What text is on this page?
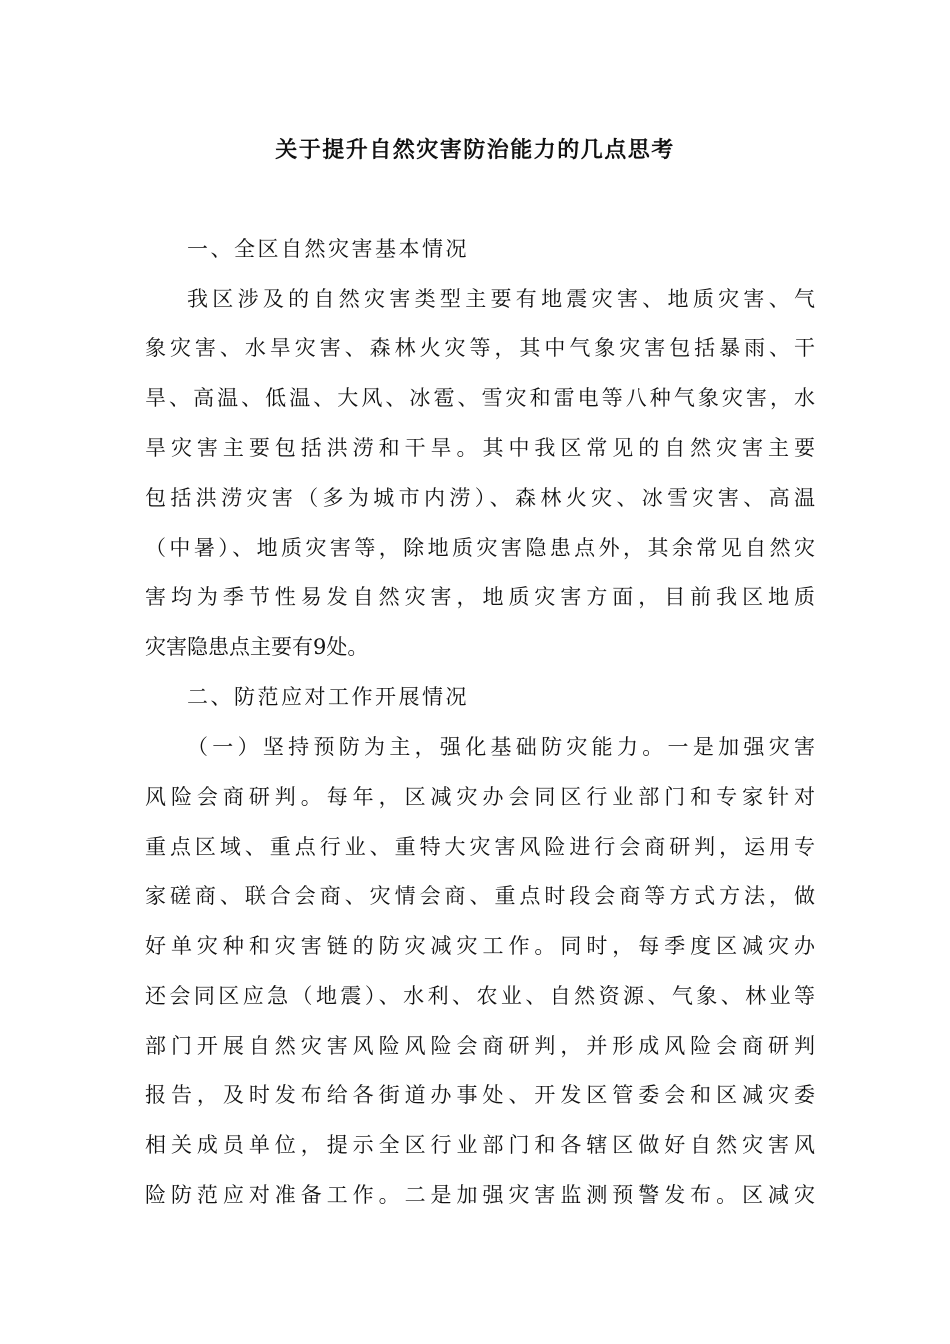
关于提升自然灾害防治能力的几点思考

一、全区自然灾害基本情况

我区涉及的自然灾害类型主要有地震灾害、地质灾害、气

象灾害、水旱灾害、森林火灾等，其中气象灾害包括暴雨、干

旱、高温、低温、大风、冰雹、雪灾和雷电等八种气象灾害，水

旱灾害主要包括洪涝和干旱。其中我区常见的自然灾害主要

包括洪涝灾害（多为城市内涝）、森林火灾、冰雪灾害、高温

（中暑）、地质灾害等，除地质灾害隐患点外，其余常见自然灾

害均为季节性易发自然灾害，地质灾害方面，目前我区地质

灾害隐患点主要有9处。

二、防范应对工作开展情况

（一）坚持预防为主，强化基础防灾能力。一是加强灾害

风险会商研判。每年，区减灾办会同区行业部门和专家针对

重点区域、重点行业、重特大灾害风险进行会商研判，运用专

家磋商、联合会商、灾情会商、重点时段会商等方式方法，做

好单灾种和灾害链的防灾减灾工作。同时，每季度区减灾办

还会同区应急（地震）、水利、农业、自然资源、气象、林业等

部门开展自然灾害风险风险会商研判，并形成风险会商研判

报告，及时发布给各街道办事处、开发区管委会和区减灾委

相关成员单位，提示全区行业部门和各辖区做好自然灾害风

险防范应对准备工作。二是加强灾害监测预警发布。区减灾
